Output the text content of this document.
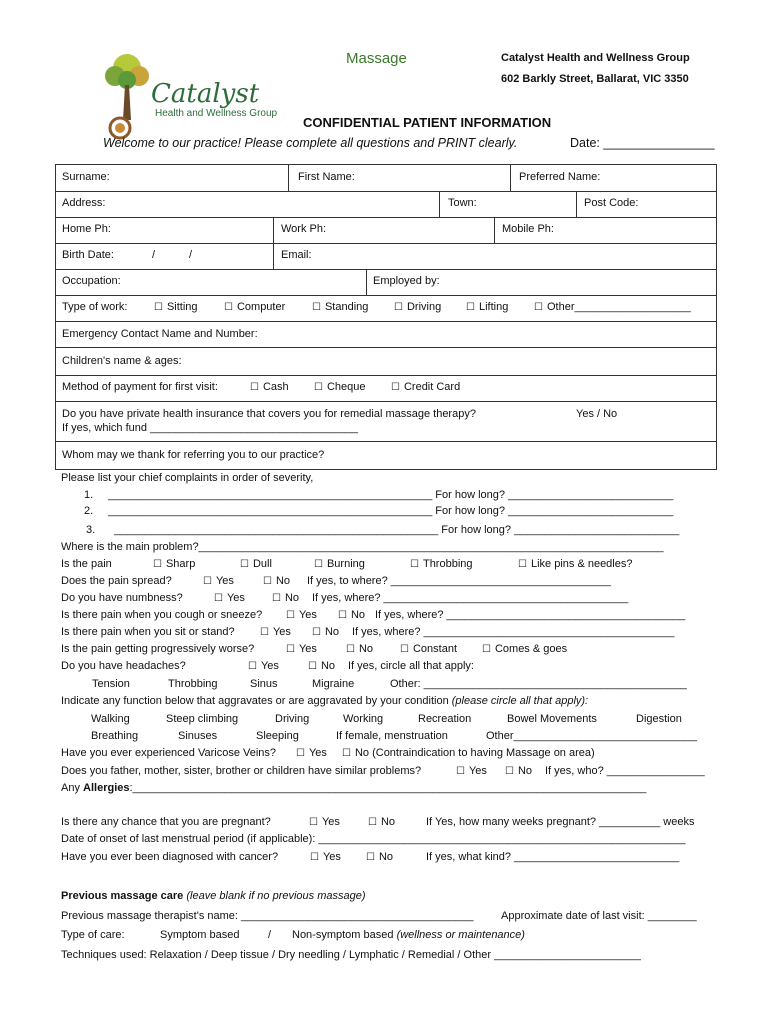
Catalyst
Health and Wellness Group
Massage	Catalyst Health and Wellness Group
602 Barkly Street, Ballarat, VIC 3350
CONFIDENTIAL PATIENT INFORMATION
Welcome to our practice! Please complete all questions and PRINT clearly.	Date: ________________
Surname:	First Name:	Preferred Name:
Address:	Town:	Post Code:
Home Ph:	Work Ph:	Mobile Ph:
Birth Date:	/	/	Email:
Occupation:	Employed by:
Type of work:	☐ Sitting	☐ Computer	☐ Standing	☐ Driving	☐ Lifting	☐ Other___________________
Emergency Contact Name and Number:
Children's name & ages:
Method of payment for first visit:	☐ Cash	☐ Cheque	☐ Credit Card
Do you have private health insurance that covers you for remedial massage therapy?	Yes / No
If yes, which fund __________________________________
Whom may we thank for referring you to our practice?
Please list your chief complaints in order of severity,
1. _____________________________________________________ For how long? ___________________________
2. _____________________________________________________ For how long? ___________________________
3. _____________________________________________________ For how long? ___________________________
Where is the main problem?____________________________________________________________________________
Is the pain	☐ Sharp	☐ Dull	☐ Burning	☐ Throbbing	☐ Like pins & needles?
Does the pain spread?	☐ Yes	☐ No If yes, to where? ____________________________________
Do you have numbness?	☐ Yes	☐ No If yes, where? ________________________________________
Is there pain when you cough or sneeze?	☐ Yes	☐ No If yes, where? _______________________________________
Is there pain when you sit or stand?	☐ Yes	☐ No If yes, where? _________________________________________
Is the pain getting progressively worse?	☐ Yes	☐ No	☐ Constant	☐ Comes & goes
Do you have headaches?	☐ Yes	☐ No If yes, circle all that apply:
Tension	Throbbing	Sinus	Migraine	Other: ___________________________________________
Indicate any function below that aggravates or are aggravated by your condition (please circle all that apply):
Walking	Steep climbing	Driving	Working	Recreation	Bowel Movements	Digestion
Breathing	Sinuses	Sleeping	If female, menstruation	Other______________________________
Have you ever experienced Varicose Veins?	☐ Yes	☐ No (Contraindication to having Massage on area)
Does you father, mother, sister, brother or children have similar problems?	☐ Yes	☐ No If yes, who? ________________
Any Allergies:____________________________________________________________________________________
Is there any chance that you are pregnant?	☐ Yes	☐ No	If Yes, how many weeks pregnant? __________ weeks
Date of onset of last menstrual period (if applicable): ____________________________________________________________
Have you ever been diagnosed with cancer?	☐ Yes	☐ No	If yes, what kind? ___________________________
Previous massage care (leave blank if no previous massage)
Previous massage therapist's name: ______________________________________	Approximate date of last visit: ________
Type of care:	Symptom based	/ Non-symptom based (wellness or maintenance)
Techniques used: Relaxation / Deep tissue / Dry needling / Lymphatic / Remedial / Other ________________________
